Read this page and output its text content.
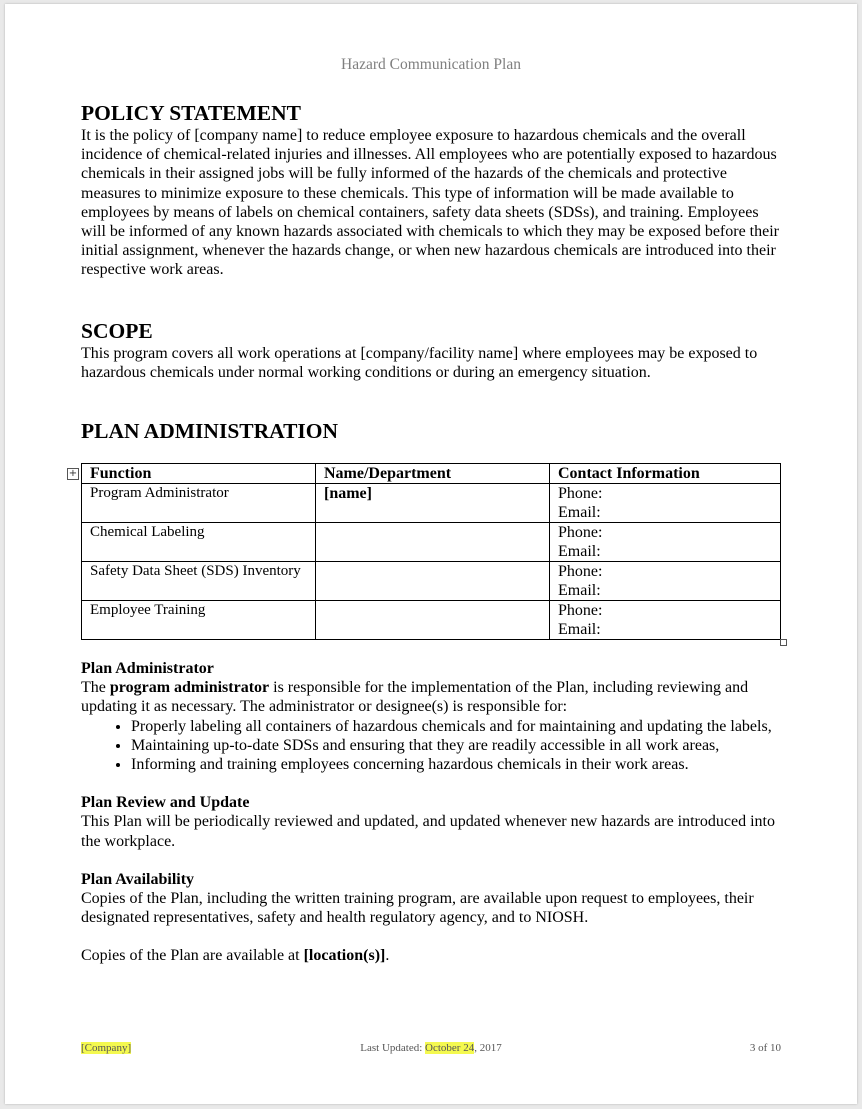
Hazard Communication Plan
POLICY STATEMENT

It is the policy of [company name] to reduce employee exposure to hazardous chemicals and the overall incidence of chemical-related injuries and illnesses. All employees who are potentially exposed to hazardous chemicals in their assigned jobs will be fully informed of the hazards of the chemicals and protective measures to minimize exposure to these chemicals. This type of information will be made available to employees by means of labels on chemical containers, safety data sheets (SDSs), and training. Employees will be informed of any known hazards associated with chemicals to which they may be exposed before their initial assignment, whenever the hazards change, or when new hazardous chemicals are introduced into their respective work areas.

SCOPE

This program covers all work operations at [company/facility name] where employees may be exposed to hazardous chemicals under normal working conditions or during an emergency situation.

PLAN ADMINISTRATION
+ Function	Name/Department	Contact Information
Program Administrator	[name]	Phone:
Email:

Chemical Labeling		Phone:
Email:

Safety Data Sheet (SDS) Inventory		Phone:
Email:

Employee Training		Phone:
Email:
Plan Administrator

The program administrator is responsible for the implementation of the Plan, including reviewing and updating it as necessary. The administrator or designee(s) is responsible for:

• Properly labeling all containers of hazardous chemicals and for maintaining and updating the labels,
• Maintaining up-to-date SDSs and ensuring that they are readily accessible in all work areas,
• Informing and training employees concerning hazardous chemicals in their work areas.
Plan Review and Update

This Plan will be periodically reviewed and updated, and updated whenever new hazards are introduced into the workplace.

Plan Availability

Copies of the Plan, including the written training program, are available upon request to employees, their designated representatives, safety and health regulatory agency, and to NIOSH.

Copies of the Plan are available at [location(s)].

[Company]	Last Updated: October 24, 2017	3 of 10
